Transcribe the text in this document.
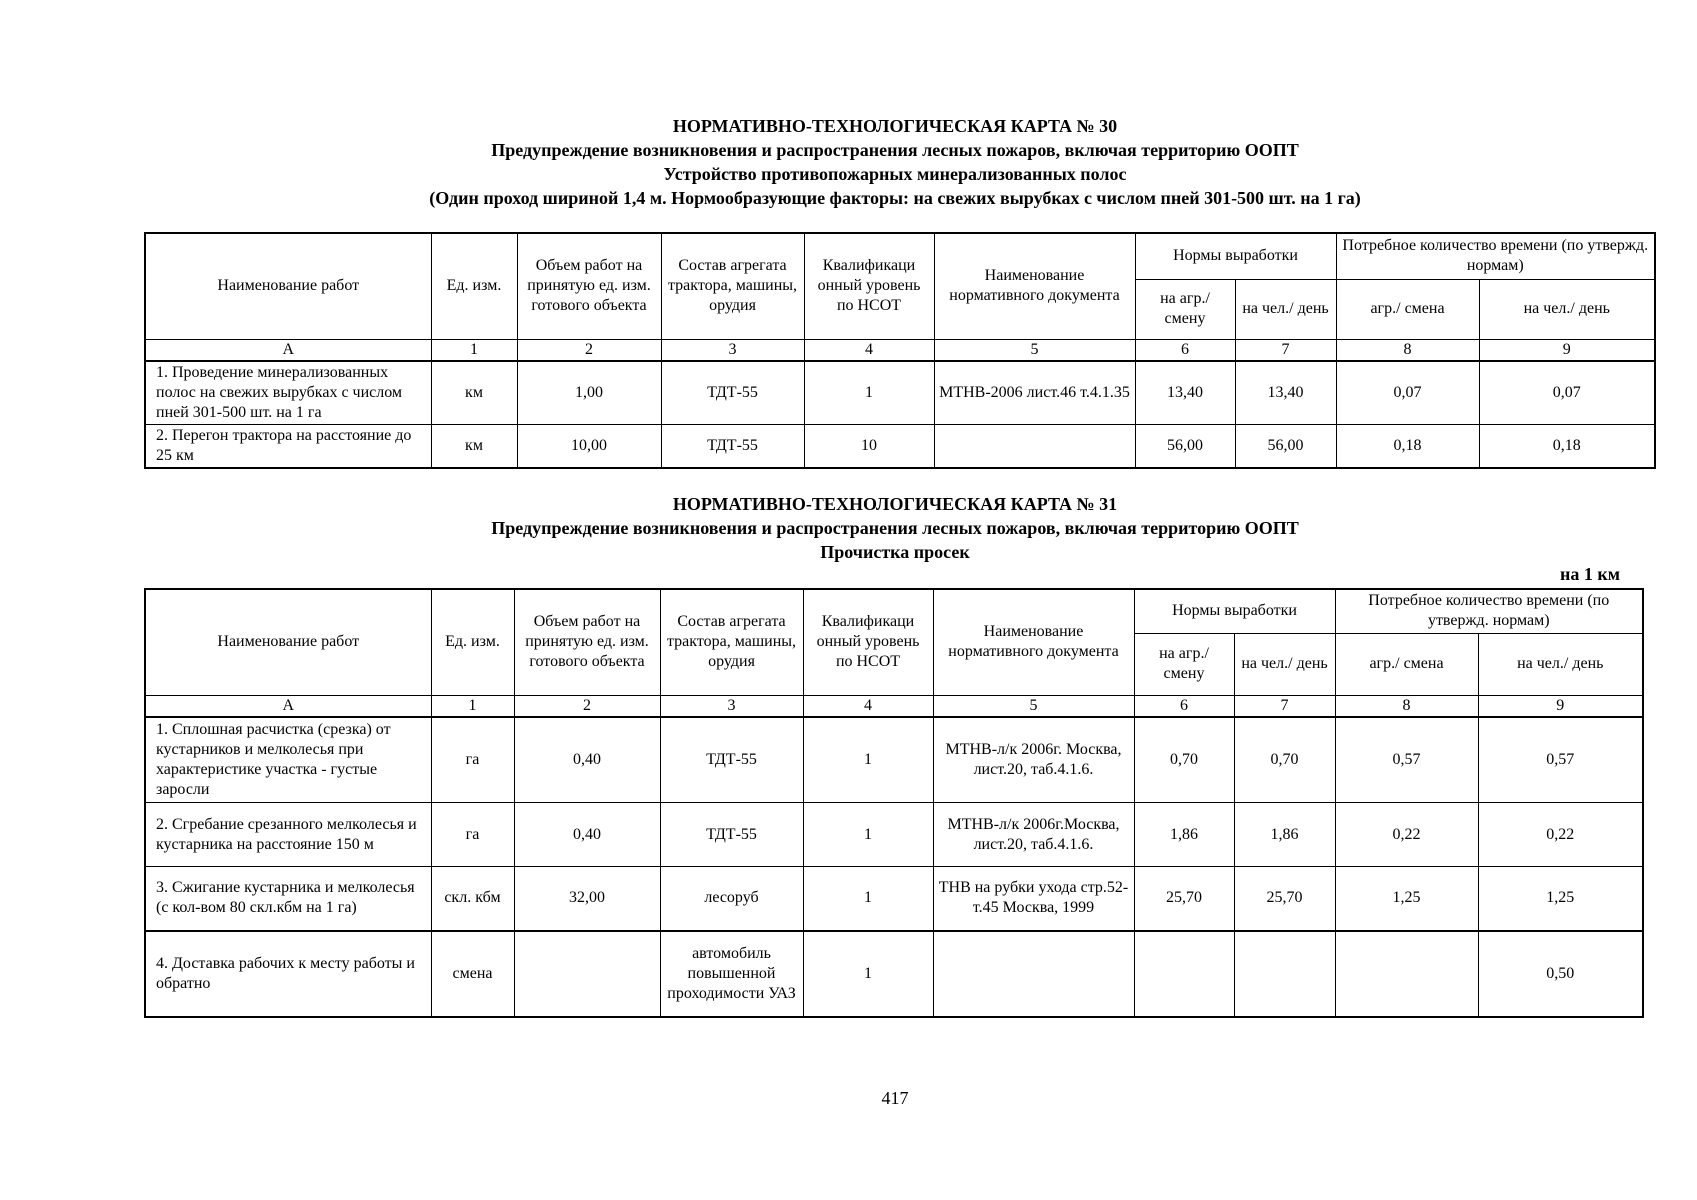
НОРМАТИВНО-ТЕХНОЛОГИЧЕСКАЯ КАРТА № 30
Предупреждение возникновения и распространения лесных пожаров, включая территорию ООПТ
Устройство противопожарных минерализованных полос
(Один проход шириной 1,4 м. Нормообразующие факторы: на свежих вырубках с числом пней 301-500 шт. на 1 га)
Наименование работ	Ед. изм.	Объем работ на принятую ед. изм. готового объекта	Состав агрегата трактора, машины, орудия	Квалификаци онный уровень по НСОТ	Наименование нормативного документа	Нормы выработки		Потребное количество времени (по утвержд. нормам)	
						на агр./ смену	на чел./ день	агр./ смена	на чел./ день
А	1	2	3	4	5	6	7	8	9
1. Проведение минерализованных полос на свежих вырубках с числом пней 301-500 шт. на 1 га	км	1,00	ТДТ-55	1	МТНВ-2006 лист.46 т.4.1.35	13,40	13,40	0,07	0,07
2. Перегон трактора на расстояние до 25 км	км	10,00	ТДТ-55	10		56,00	56,00	0,18	0,18
НОРМАТИВНО-ТЕХНОЛОГИЧЕСКАЯ КАРТА № 31
Предупреждение возникновения и распространения лесных пожаров, включая территорию ООПТ
Прочистка просек
на 1 км
Наименование работ	Ед. изм.	Объем работ на принятую ед. изм. готового объекта	Состав агрегата трактора, машины, орудия	Квалификаци онный уровень по НСОТ	Наименование нормативного документа	Нормы выработки		Потребное количество времени (по утвержд. нормам)	
						на агр./ смену	на чел./ день	агр./ смена	на чел./ день
А	1	2	3	4	5	6	7	8	9
1. Сплошная расчистка (срезка) от кустарников и мелколесья при характеристике участка - густые заросли	га	0,40	ТДТ-55	1	МТНВ-л/к 2006г. Москва, лист.20, таб.4.1.6.	0,70	0,70	0,57	0,57
2. Сгребание срезанного мелколесья и кустарника на расстояние 150 м	га	0,40	ТДТ-55	1	МТНВ-л/к 2006г.Москва, лист.20, таб.4.1.6.	1,86	1,86	0,22	0,22
3. Сжигание кустарника и мелколесья (с кол-вом 80 скл.кбм на 1 га)	скл. кбм	32,00	лесоруб	1	ТНВ на рубки ухода стр.52-т.45 Москва, 1999	25,70	25,70	1,25	1,25
4. Доставка рабочих к месту работы и обратно	смена		автомобиль повышенной проходимости УАЗ	1					0,50
417
